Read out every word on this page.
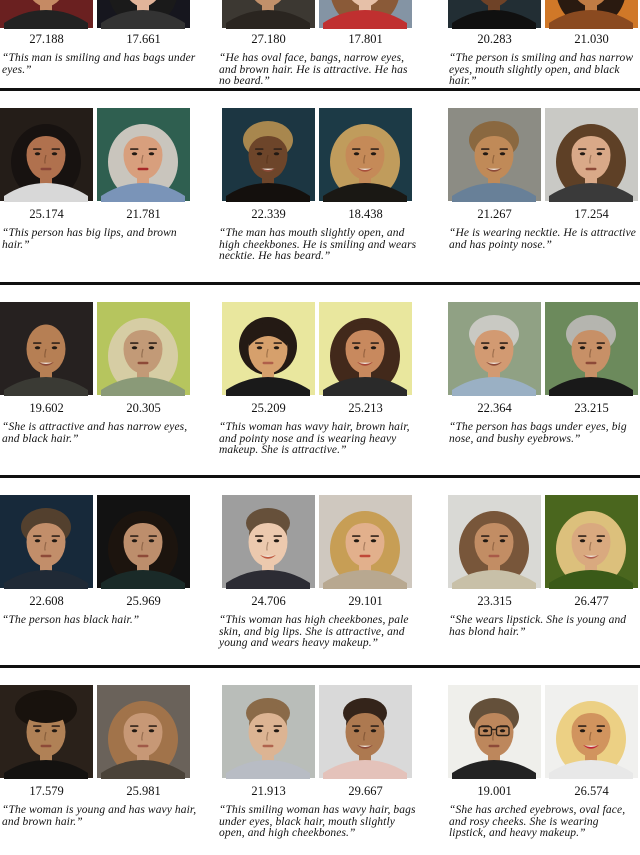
27.188	17.661
“This man is smiling and has bags under eyes.”
27.180	17.801
“He has oval face, bangs, narrow eyes, and brown hair. He is attractive. He has no beard.”
20.283	21.030
“The person is smiling and has narrow eyes, mouth slightly open, and black hair.”
25.174	21.781
“This person has big lips, and brown hair.”
22.339	18.438
“The man has mouth slightly open, and high cheekbones. He is smiling and wears necktie. He has beard.”
21.267	17.254
“He is wearing necktie. He is attractive and has pointy nose.”
19.602	20.305
“She is attractive and has narrow eyes, and black hair.”
25.209	25.213
“This woman has wavy hair, brown hair, and pointy nose and is wearing heavy makeup. She is attractive.”
22.364	23.215
“The person has bags under eyes, big nose, and bushy eyebrows.”
22.608	25.969
“The person has black hair.”
24.706	29.101
“This woman has high cheekbones, pale skin, and big lips. She is attractive, and young and wears heavy makeup.”
23.315	26.477
“She wears lipstick. She is young and has blond hair.”
17.579	25.981
“The woman is young and has wavy hair, and brown hair.”
21.913	29.667
“This smiling woman has wavy hair, bags under eyes, black hair, mouth slightly open, and high cheekbones.”
19.001	26.574
“She has arched eyebrows, oval face, and rosy cheeks. She is wearing lipstick, and heavy makeup.”
